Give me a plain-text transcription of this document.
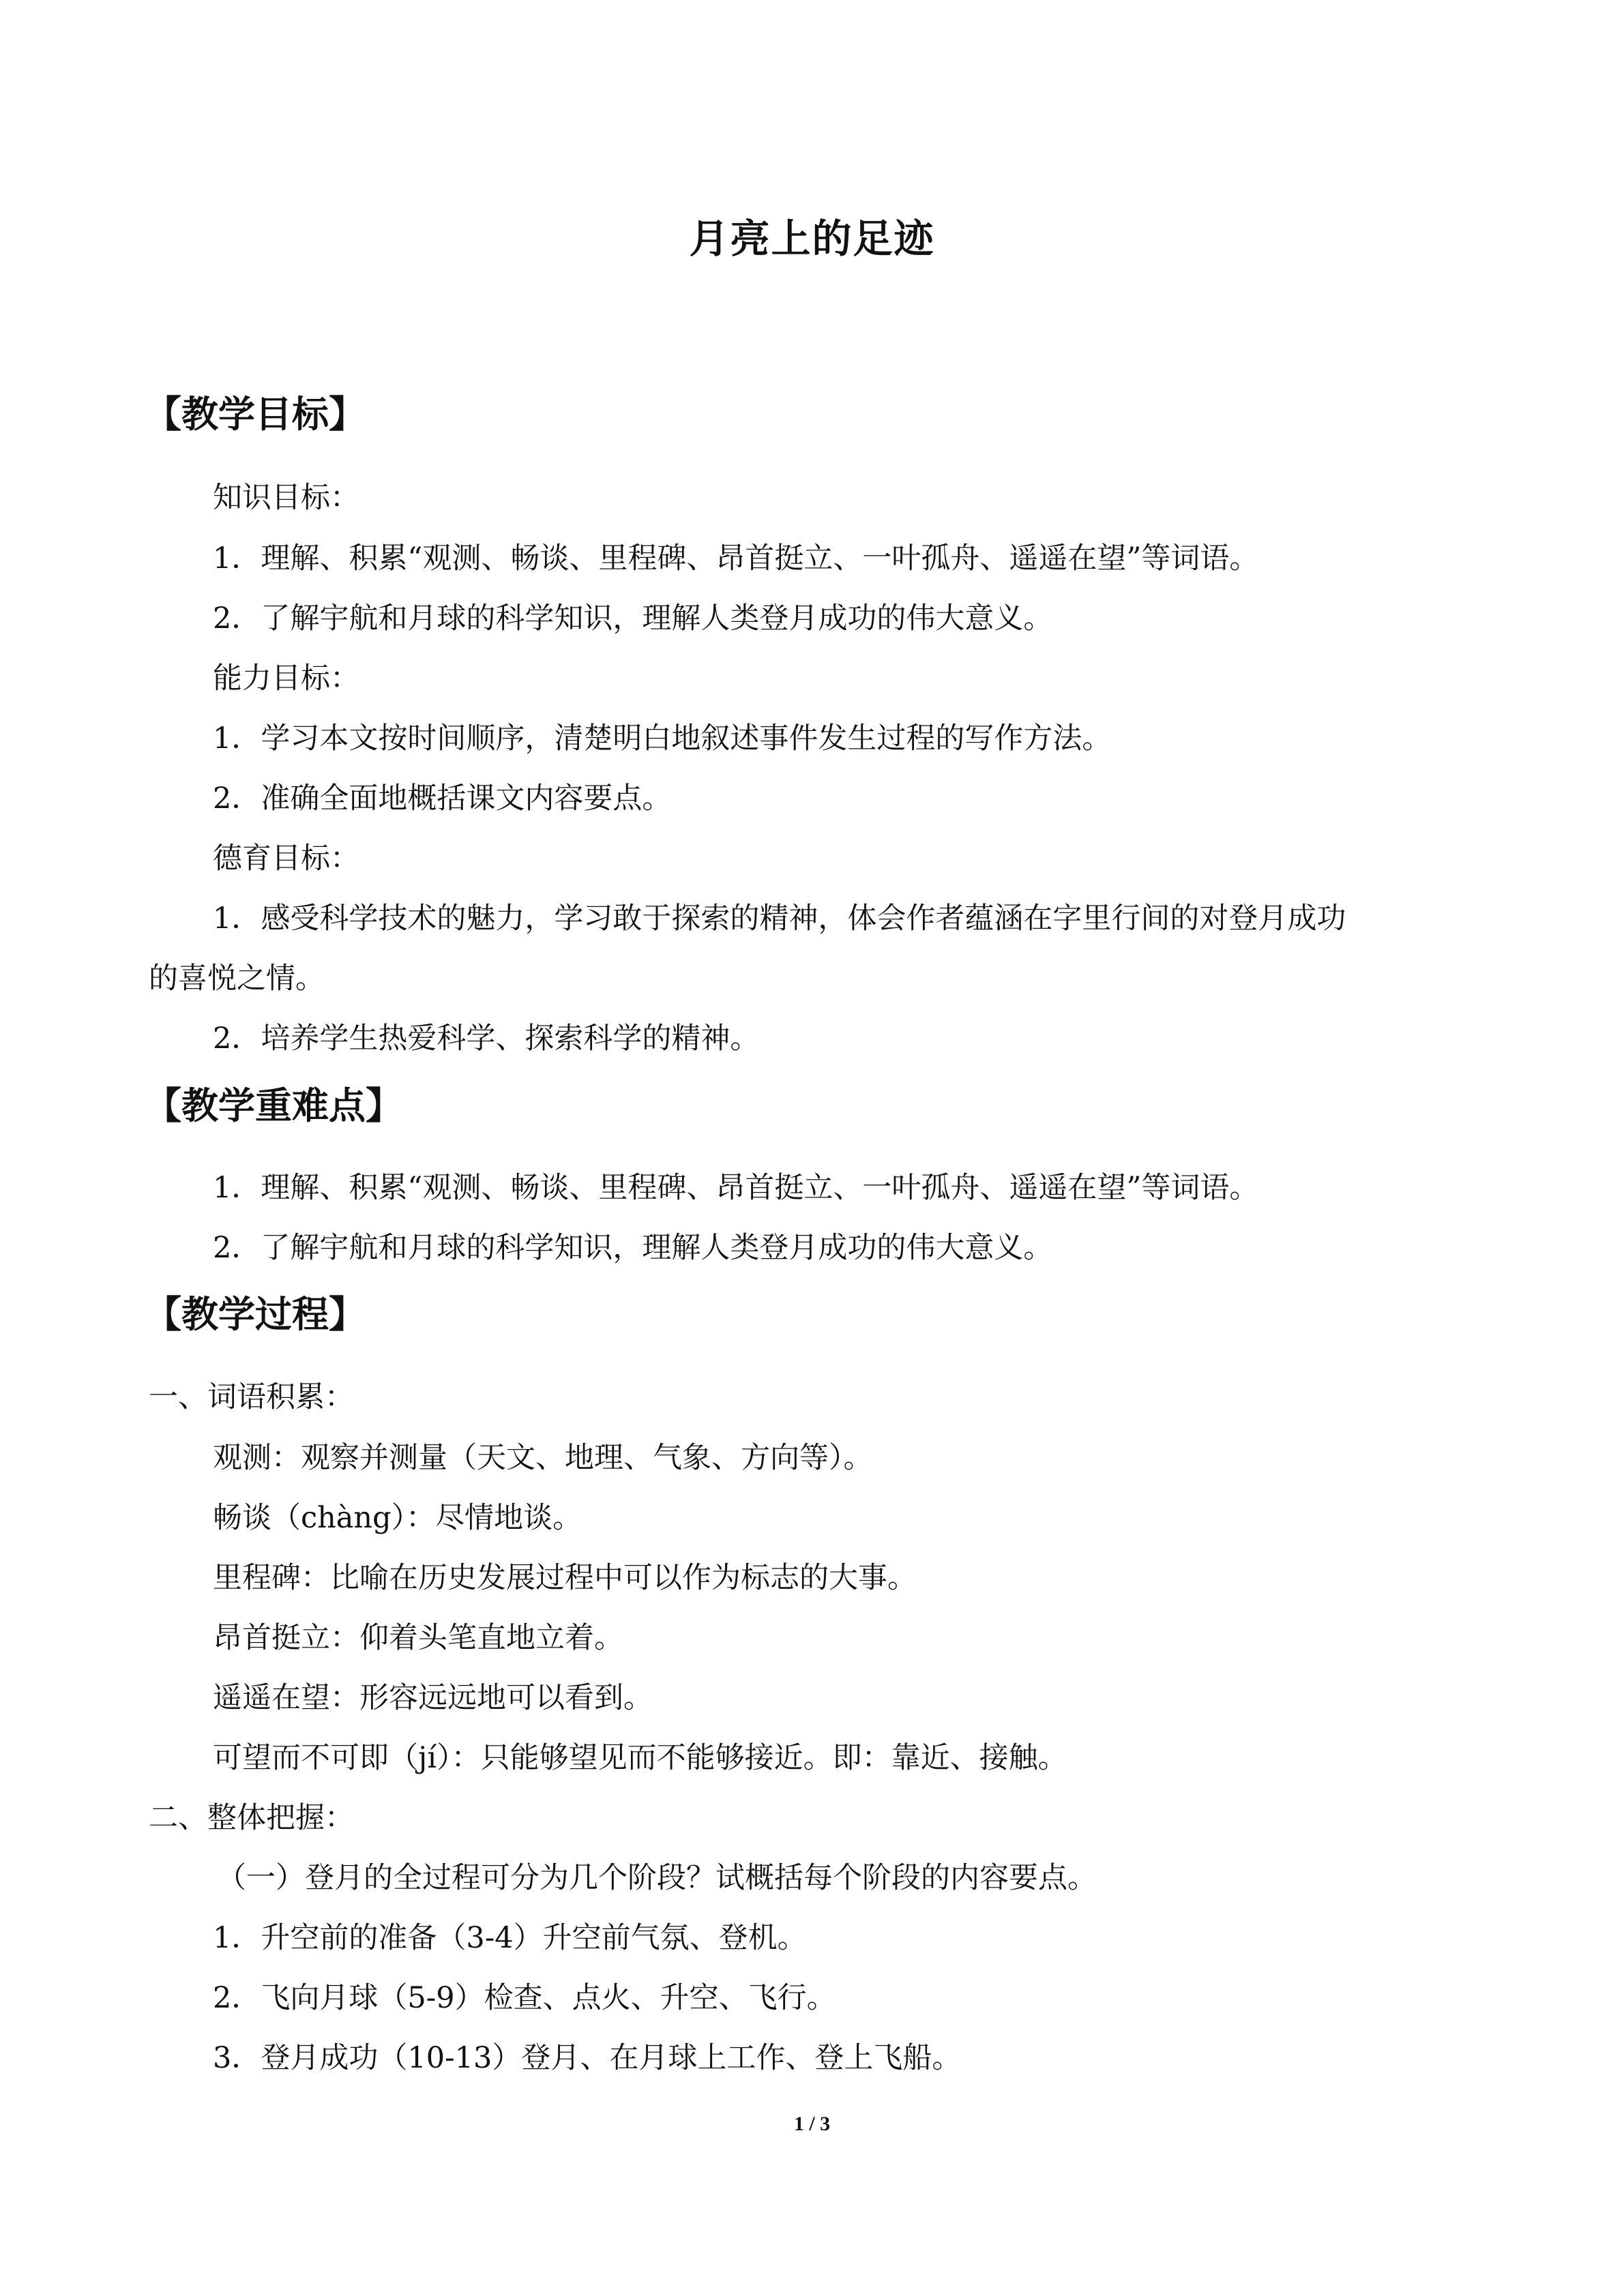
月亮上的足迹
【教学目标】
知识目标：
1．理解、积累“观测、畅谈、里程碑、昂首挺立、一叶孤舟、遥遥在望”等词语。
2．了解宇航和月球的科学知识，理解人类登月成功的伟大意义。
能力目标：
1．学习本文按时间顺序，清楚明白地叙述事件发生过程的写作方法。
2．准确全面地概括课文内容要点。
德育目标：
1．感受科学技术的魅力，学习敢于探索的精神，体会作者蕴涵在字里行间的对登月成功
的喜悦之情。
2．培养学生热爱科学、探索科学的精神。
【教学重难点】
1．理解、积累“观测、畅谈、里程碑、昂首挺立、一叶孤舟、遥遥在望”等词语。
2．了解宇航和月球的科学知识，理解人类登月成功的伟大意义。
【教学过程】
一、词语积累：
观测：观察并测量（天文、地理、气象、方向等）。
畅谈（chàng）：尽情地谈。
里程碑：比喻在历史发展过程中可以作为标志的大事。
昂首挺立：仰着头笔直地立着。
遥遥在望：形容远远地可以看到。
可望而不可即（jí）：只能够望见而不能够接近。即：靠近、接触。
二、整体把握：
（一）登月的全过程可分为几个阶段？试概括每个阶段的内容要点。
1．升空前的准备（3-4）升空前气氛、登机。
2．飞向月球（5-9）检查、点火、升空、飞行。
3．登月成功（10-13）登月、在月球上工作、登上飞船。
1 / 3
